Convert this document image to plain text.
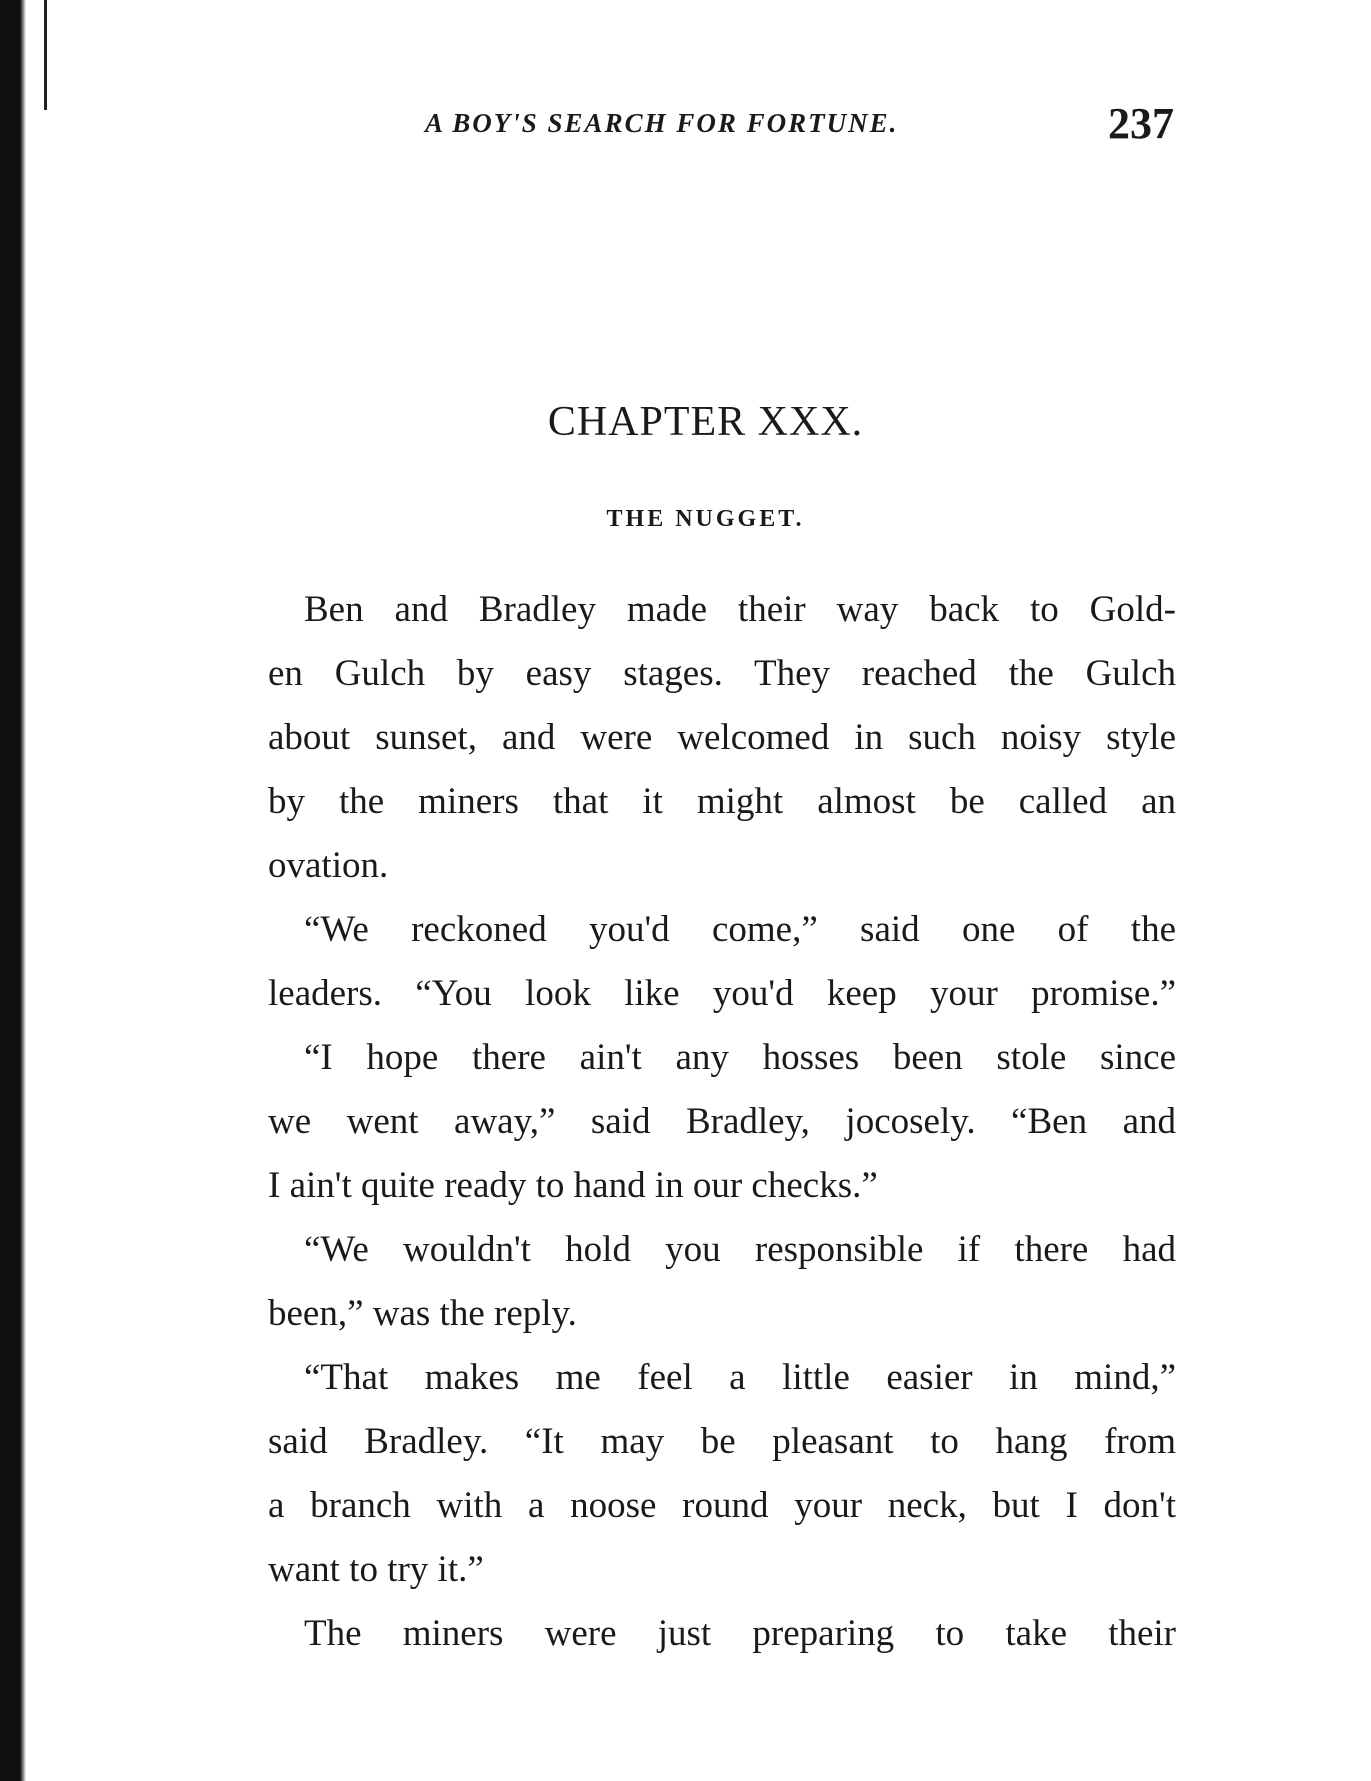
A BOY'S SEARCH FOR FORTUNE.	237
CHAPTER XXX.
THE NUGGET.
Ben and Bradley made their way back to Gold-
en Gulch by easy stages. They reached the Gulch
about sunset, and were welcomed in such noisy style
by the miners that it might almost be called an
ovation.
“We reckoned you'd come,” said one of the
leaders. “You look like you'd keep your promise.”
“I hope there ain't any hosses been stole since
we went away,” said Bradley, jocosely. “Ben and
I ain't quite ready to hand in our checks.”
“We wouldn't hold you responsible if there had
been,” was the reply.
“That makes me feel a little easier in mind,”
said Bradley. “It may be pleasant to hang from
a branch with a noose round your neck, but I don't
want to try it.”
The miners were just preparing to take their
